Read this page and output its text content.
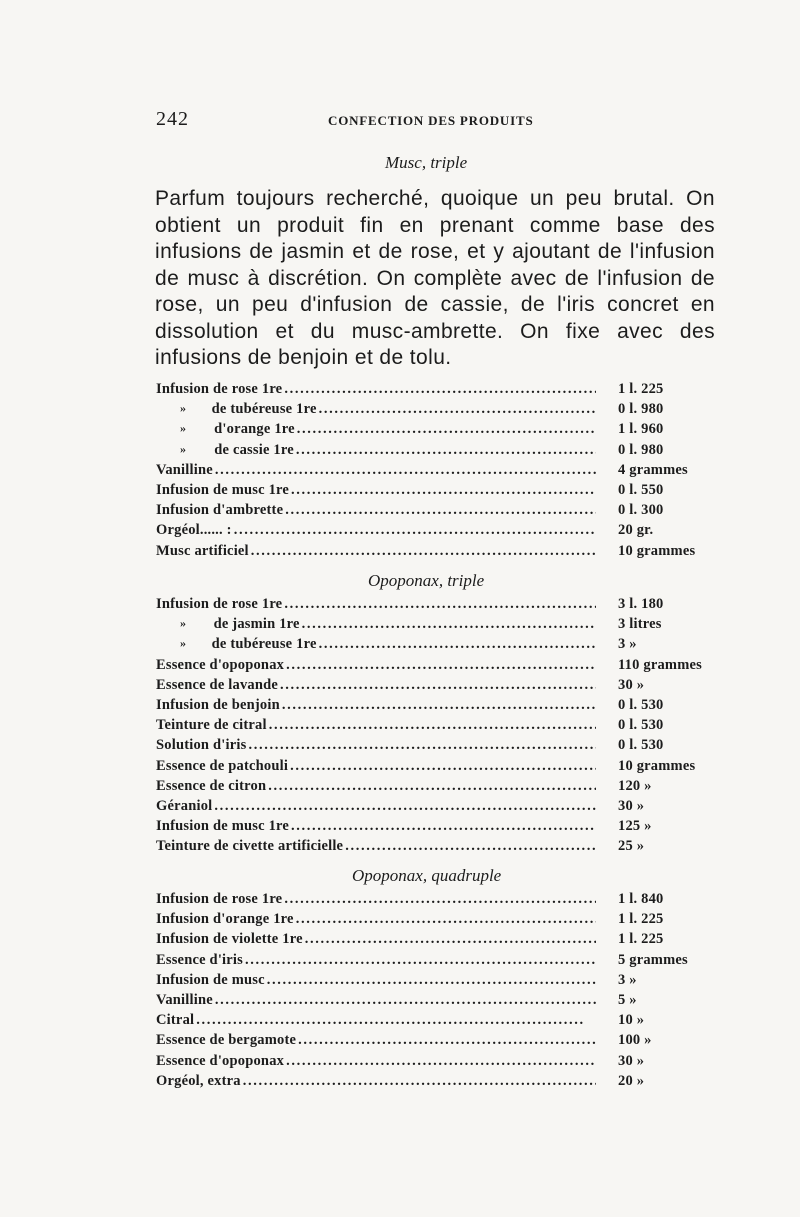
242	CONFECTION DES PRODUITS
Musc, triple
Parfum toujours recherché, quoique un peu brutal. On obtient un produit fin en prenant comme base des infusions de jasmin et de rose, et y ajoutant de l'infusion de musc à discrétion. On complète avec de l'infusion de rose, un peu d'infusion de cassie, de l'iris concret en dissolution et du musc-ambrette. On fixe avec des infusions de benjoin et de tolu.
Infusion de rose 1re . . .	1 l. 225
»	de tubéreuse 1re . . .	0 l. 980
»	d'orange 1re . . .	1 l. 960
»	de cassie 1re . . .	0 l. 980
Vanilline . . .	4 grammes
Infusion de musc 1re . . .	0 l. 550
Infusion d'ambrette . . .	0 l. 300
Orgéol...... : . . .	20 gr.
Musc artificiel . . .	10 grammes
Opoponax, triple
Infusion de rose 1re . . .	3 l. 180
»	de jasmin 1re . . .	3 litres
»	de tubéreuse 1re . . .	3 »
Essence d'opoponax . . .	110 grammes
Essence de lavande . . .	30 »
Infusion de benjoin . . .	0 l. 530
Teinture de citral . . .	0 l. 530
Solution d'iris . . .	0 l. 530
Essence de patchouli . . .	10 grammes
Essence de citron . . .	120 »
Géraniol . . .	30 »
Infusion de musc 1re . . .	125 »
Teinture de civette artificielle . . .	25 »
Opoponax, quadruple
Infusion de rose 1re . . .	1 l. 840
Infusion d'orange 1re . . .	1 l. 225
Infusion de violette 1re . . .	1 l. 225
Essence d'iris . . .	5 grammes
Infusion de musc . . .	3 »
Vanilline . . .	5 »
Citral . . .	10 »
Essence de bergamote . . .	100 »
Essence d'opoponax . . .	30 »
Orgéol, extra . . .	20 »
